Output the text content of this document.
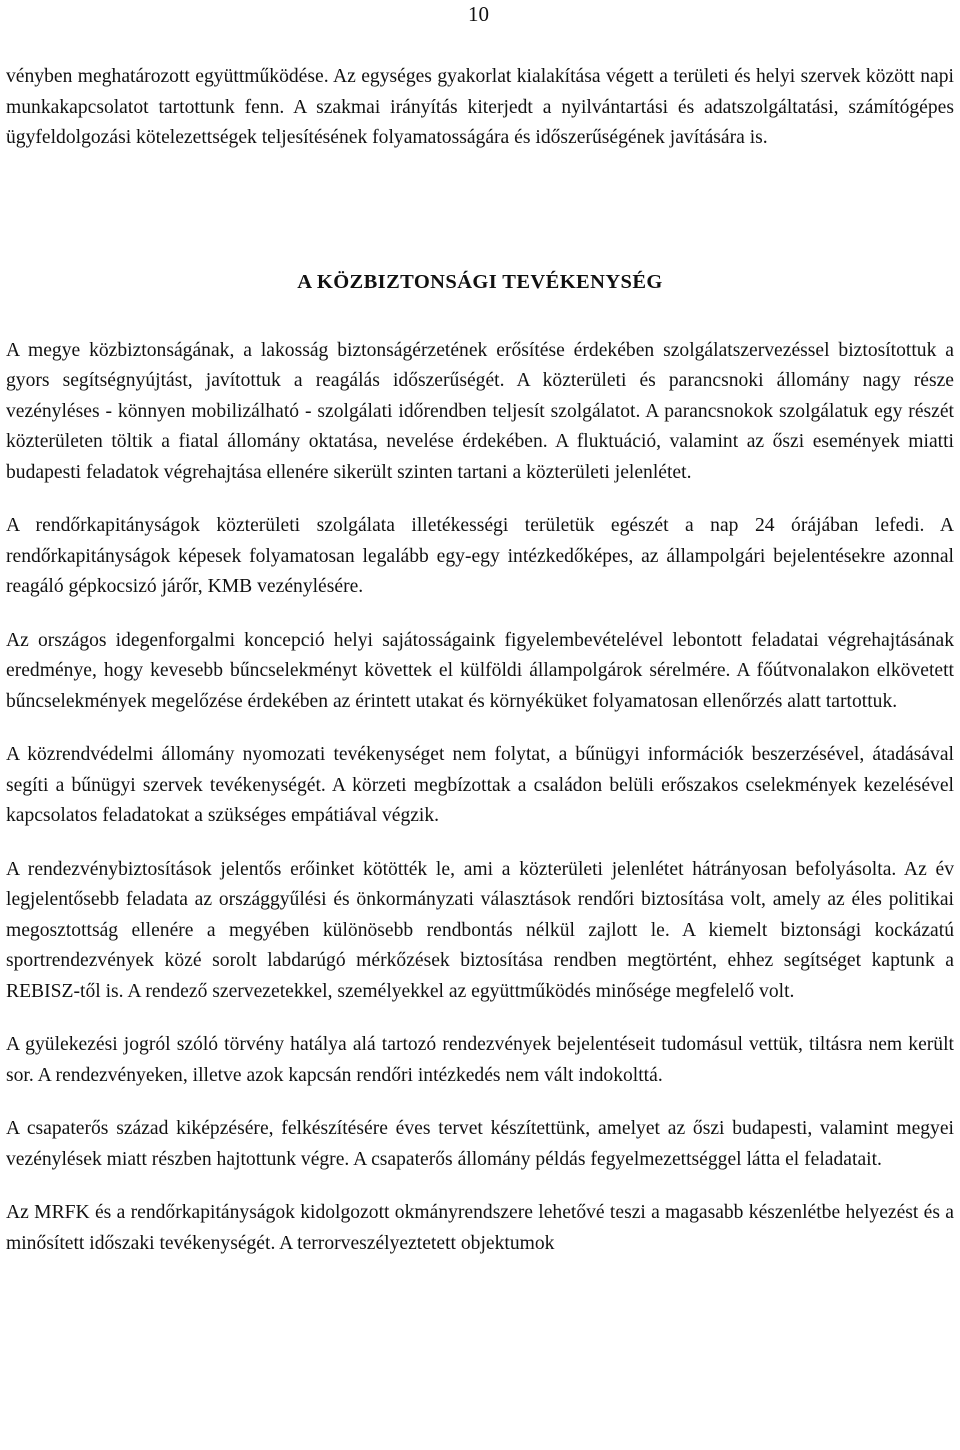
10

vényben meghatározott együttműködése. Az egységes gyakorlat kialakítása végett a területi és helyi szervek között napi munkakapcsolatot tartottunk fenn. A szakmai irányítás kiterjedt a nyilvántartási és adatszolgáltatási, számítógépes ügyfeldolgozási kötelezettségek teljesítésének folyamatosságára és időszerűségének javítására is.

A KÖZBIZTONSÁGI TEVÉKENYSÉG

A megye közbiztonságának, a lakosság biztonságérzetének erősítése érdekében szolgálatszervezéssel biztosítottuk a gyors segítségnyújtást, javítottuk a reagálás időszerűségét. A közterületi és parancsnoki állomány nagy része vezényléses - könnyen mobilizálható - szolgálati időrendben teljesít szolgálatot. A parancsnokok szolgálatuk egy részét közterületen töltik a fiatal állomány oktatása, nevelése érdekében. A fluktuáció, valamint az őszi események miatti budapesti feladatok végrehajtása ellenére sikerült szinten tartani a közterületi jelenlétet.

A rendőrkapitányságok közterületi szolgálata illetékességi területük egészét a nap 24 órájában lefedi. A rendőrkapitányságok képesek folyamatosan legalább egy-egy intézkedőképes, az állampolgári bejelentésekre azonnal reagáló gépkocsizó járőr, KMB vezénylésére.

Az országos idegenforgalmi koncepció helyi sajátosságaink figyelembevételével lebontott feladatai végrehajtásának eredménye, hogy kevesebb bűncselekményt követtek el külföldi állampolgárok sérelmére. A főútvonalakon elkövetett bűncselekmények megelőzése érdekében az érintett utakat és környéküket folyamatosan ellenőrzés alatt tartottuk.

A közrendvédelmi állomány nyomozati tevékenységet nem folytat, a bűnügyi információk beszerzésével, átadásával segíti a bűnügyi szervek tevékenységét. A körzeti megbízottak a családon belüli erőszakos cselekmények kezelésével kapcsolatos feladatokat a szükséges empátiával végzik.

A rendezvénybiztosítások jelentős erőinket kötötték le, ami a közterületi jelenlétet hátrányosan befolyásolta. Az év legjelentősebb feladata az országgyűlési és önkormányzati választások rendőri biztosítása volt, amely az éles politikai megosztottság ellenére a megyében különösebb rendbontás nélkül zajlott le. A kiemelt biztonsági kockázatú sportrendezvények közé sorolt labdarúgó mérkőzések biztosítása rendben megtörtént, ehhez segítséget kaptunk a REBISZ-től is. A rendező szervezetekkel, személyekkel az együttműködés minősége megfelelő volt.

A gyülekezési jogról szóló törvény hatálya alá tartozó rendezvények bejelentéseit tudomásul vettük, tiltásra nem került sor. A rendezvényeken, illetve azok kapcsán rendőri intézkedés nem vált indokolttá.

A csapaterős század kiképzésére, felkészítésére éves tervet készítettünk, amelyet az őszi budapesti, valamint megyei vezénylések miatt részben hajtottunk végre. A csapaterős állomány példás fegyelmezettséggel látta el feladatait.

Az MRFK és a rendőrkapitányságok kidolgozott okmányrendszere lehetővé teszi a magasabb készenlétbe helyezést és a minősített időszaki tevékenységét. A terrorveszélyeztetett objektumok
